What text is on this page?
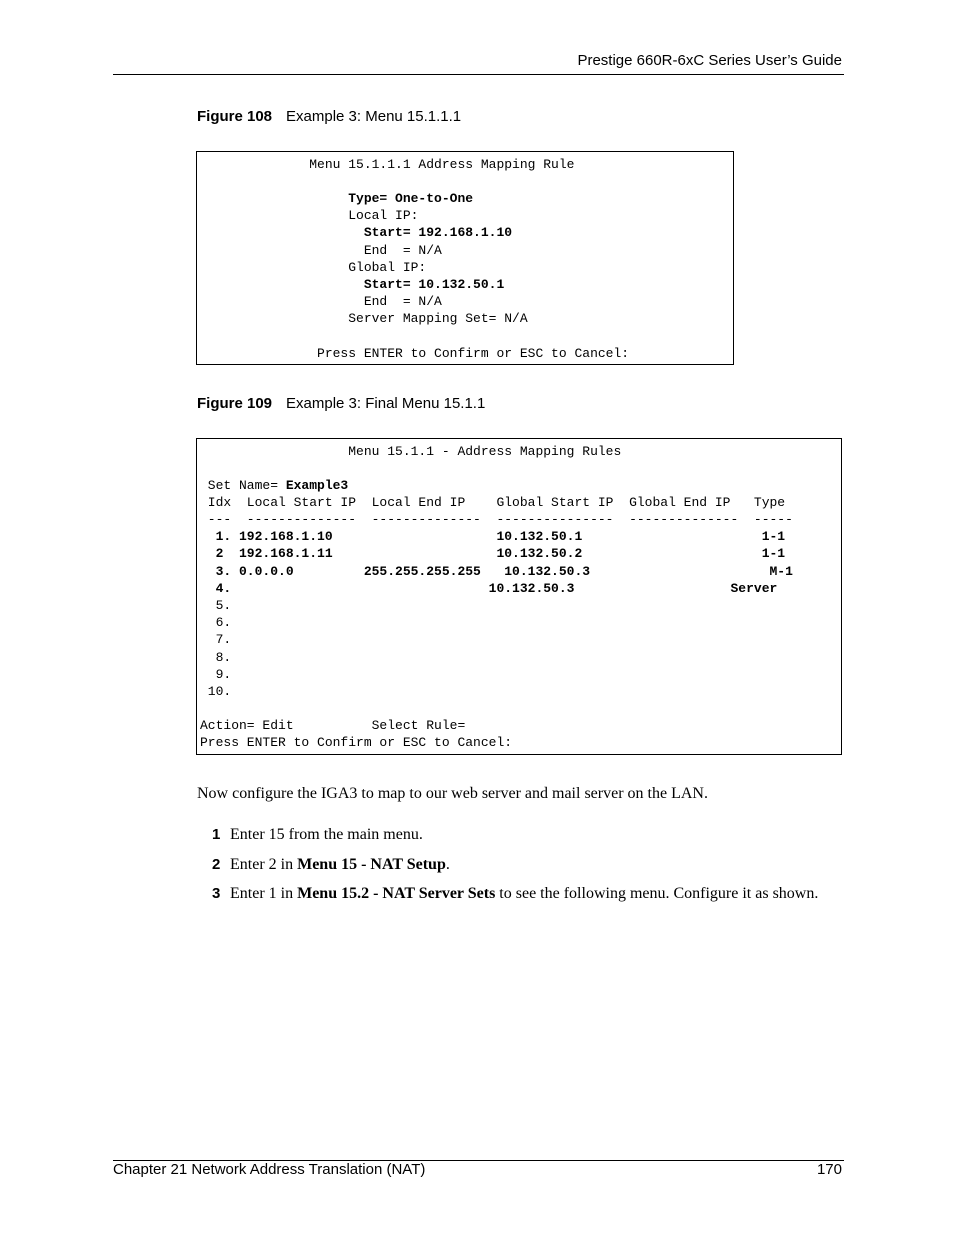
Prestige 660R-6xC Series User’s Guide
Figure 108 Example 3: Menu 15.1.1.1
Menu 15.1.1.1 Address Mapping Rule
Type= One-to-One
Local IP:
Start= 192.168.1.10
End  = N/A
Global IP:
Start= 10.132.50.1
End  = N/A
Server Mapping Set= N/A
Press ENTER to Confirm or ESC to Cancel:
Figure 109 Example 3: Final Menu 15.1.1
Menu 15.1.1 - Address Mapping Rules
Set Name= Example3
Idx  Local Start IP  Local End IP    Global Start IP  Global End IP   Type
---  --------------  --------------  ---------------  --------------  -----
1. 192.168.1.10                     10.132.50.1                       1-1
2  192.168.1.11                     10.132.50.2                       1-1
3. 0.0.0.0         255.255.255.255   10.132.50.3                       M-1
4.                                 10.132.50.3                    Server
5.
6.
7.
8.
9.
10.
Action= Edit          Select Rule=
Press ENTER to Confirm or ESC to Cancel:
Now configure the IGA3 to map to our web server and mail server on the LAN.
1 Enter 15 from the main menu.
2 Enter 2 in Menu 15 - NAT Setup.
3 Enter 1 in Menu 15.2 - NAT Server Sets to see the following menu. Configure it as shown.
Chapter 21 Network Address Translation (NAT)	170
